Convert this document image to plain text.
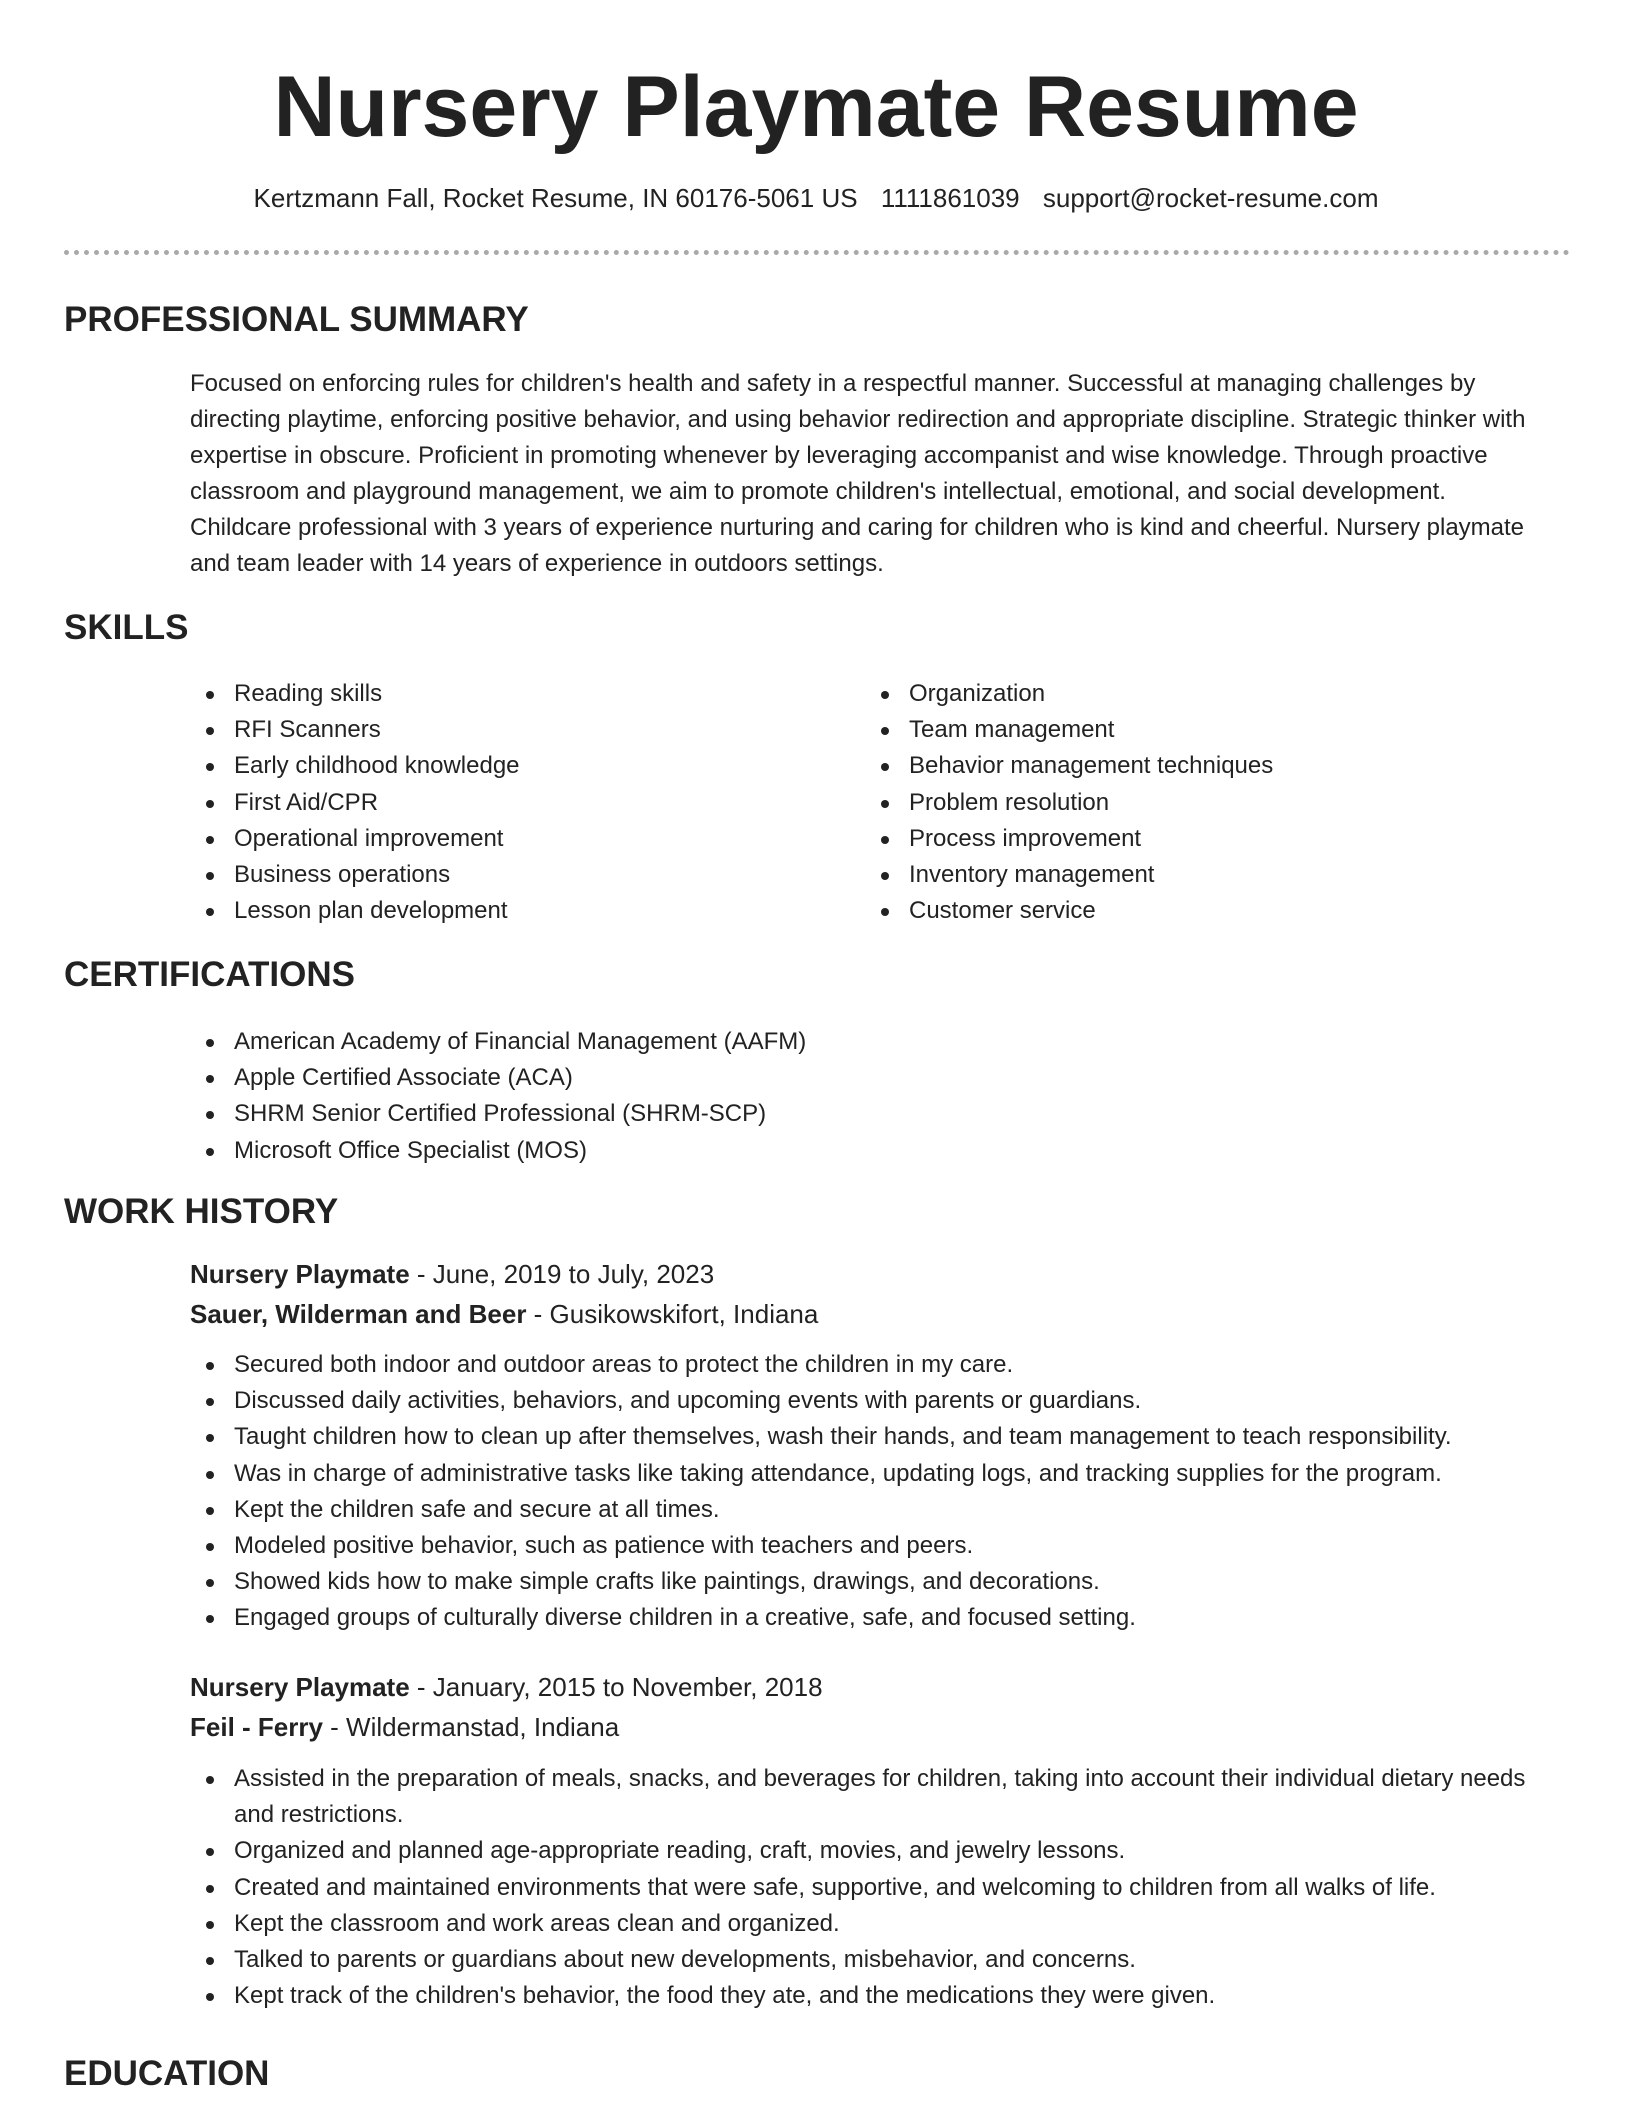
Nursery Playmate Resume
Kertzmann Fall, Rocket Resume, IN 60176-5061 US 1111861039 support@rocket-resume.com
PROFESSIONAL SUMMARY

Focused on enforcing rules for children's health and safety in a respectful manner. Successful at managing challenges by directing playtime, enforcing positive behavior, and using behavior redirection and appropriate discipline. Strategic thinker with expertise in obscure. Proficient in promoting whenever by leveraging accompanist and wise knowledge. Through proactive classroom and playground management, we aim to promote children's intellectual, emotional, and social development. Childcare professional with 3 years of experience nurturing and caring for children who is kind and cheerful. Nursery playmate and team leader with 14 years of experience in outdoors settings.

SKILLS
Reading skills
RFI Scanners
Early childhood knowledge
First Aid/CPR
Operational improvement
Business operations
Lesson plan development
Organization
Team management
Behavior management techniques
Problem resolution
Process improvement
Inventory management
Customer service
CERTIFICATIONS
American Academy of Financial Management (AAFM)
Apple Certified Associate (ACA)
SHRM Senior Certified Professional (SHRM-SCP)
Microsoft Office Specialist (MOS)
WORK HISTORY
Nursery Playmate - June, 2019 to July, 2023
Sauer, Wilderman and Beer - Gusikowskifort, Indiana
Secured both indoor and outdoor areas to protect the children in my care.
Discussed daily activities, behaviors, and upcoming events with parents or guardians.
Taught children how to clean up after themselves, wash their hands, and team management to teach responsibility.
Was in charge of administrative tasks like taking attendance, updating logs, and tracking supplies for the program.
Kept the children safe and secure at all times.
Modeled positive behavior, such as patience with teachers and peers.
Showed kids how to make simple crafts like paintings, drawings, and decorations.
Engaged groups of culturally diverse children in a creative, safe, and focused setting.
Nursery Playmate - January, 2015 to November, 2018
Feil - Ferry - Wildermanstad, Indiana
Assisted in the preparation of meals, snacks, and beverages for children, taking into account their individual dietary needs and restrictions.
Organized and planned age-appropriate reading, craft, movies, and jewelry lessons.
Created and maintained environments that were safe, supportive, and welcoming to children from all walks of life.
Kept the classroom and work areas clean and organized.
Talked to parents or guardians about new developments, misbehavior, and concerns.
Kept track of the children's behavior, the food they ate, and the medications they were given.
EDUCATION
